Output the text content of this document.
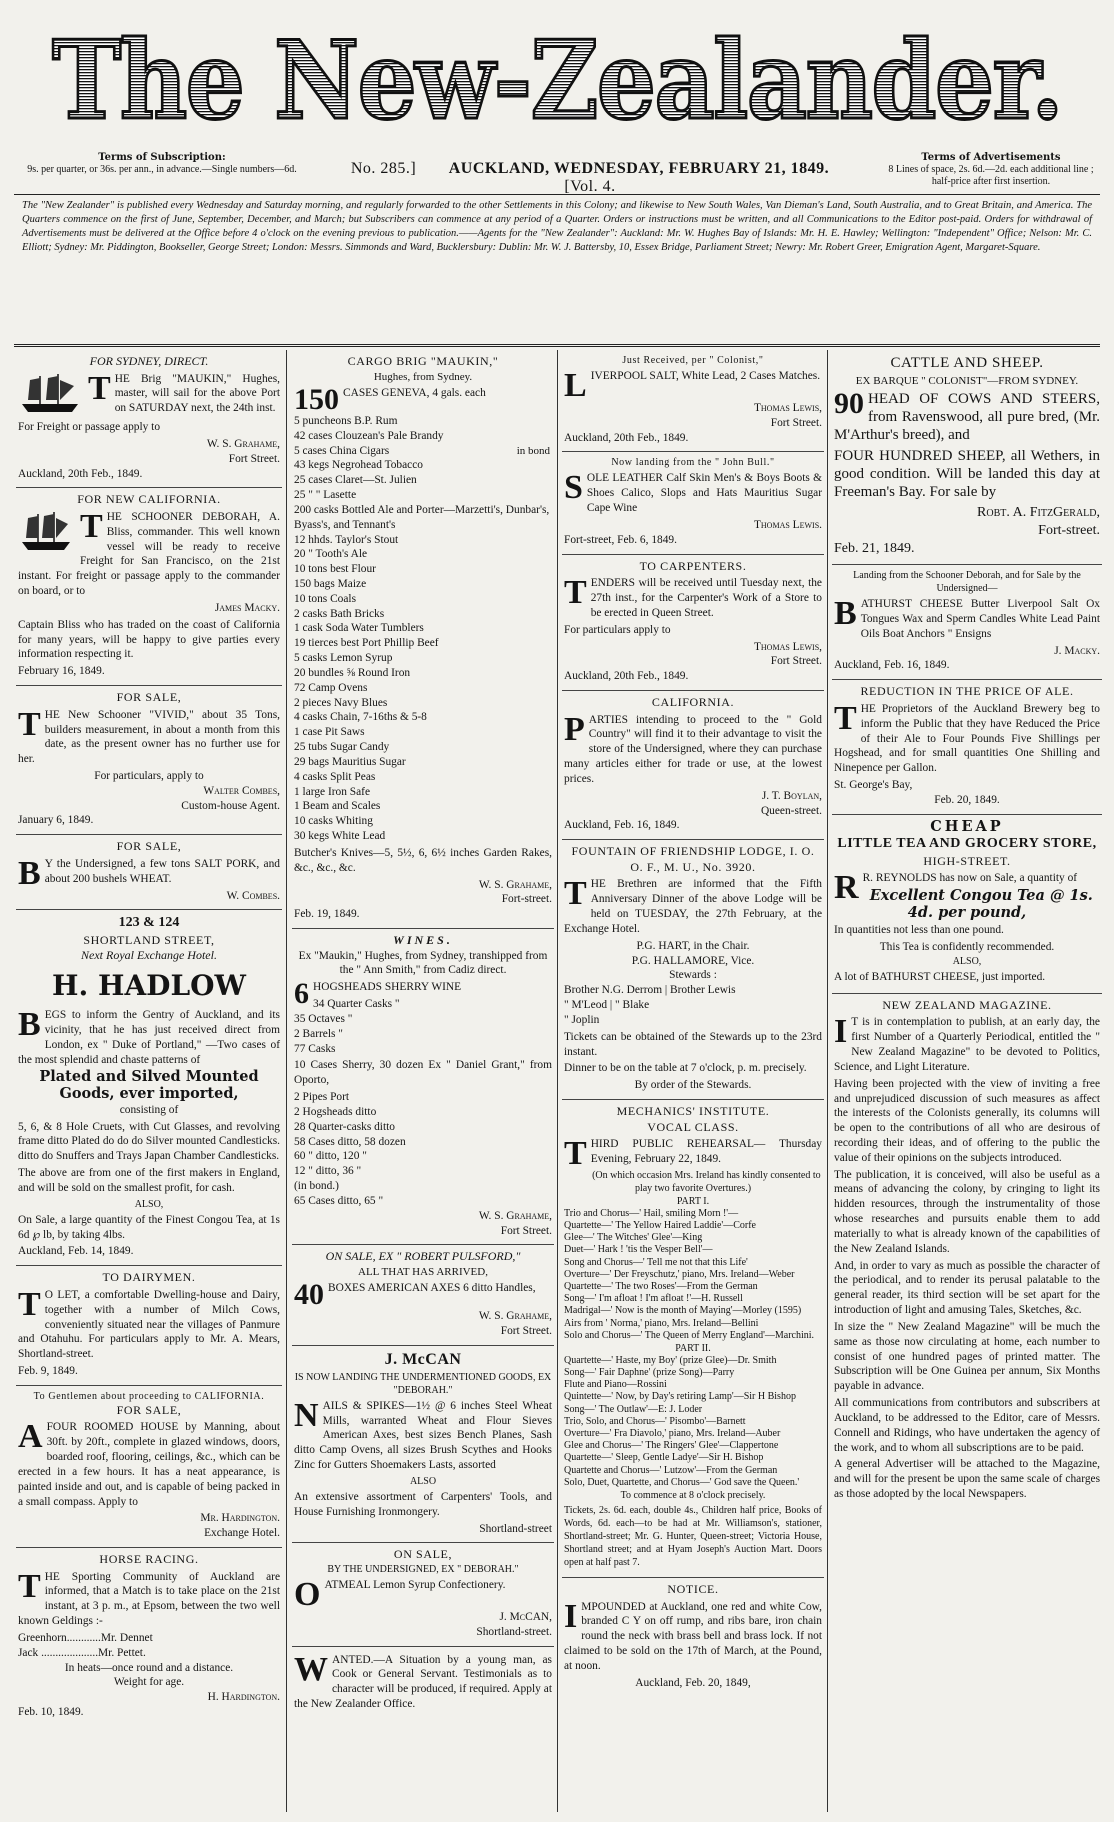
The New-Zealander.
Terms of Subscription:
9s. per quarter, or 36s. per ann., in advance.—Single numbers—6d.	No. 285.] AUCKLAND, WEDNESDAY, FEBRUARY 21, 1849. [Vol. 4.
Terms of Advertisements
8 Lines of space, 2s. 6d.—2d. each additional line ; half-price after first insertion.
The "New Zealander" is published every Wednesday and Saturday morning, and regularly forwarded to the other Settlements in this Colony; and likewise to New South Wales, Van Dieman's Land, South Australia, and to Great Britain, and America. The Quarters commence on the first of June, September, December, and March; but Subscribers can commence at any period of a Quarter. Orders or instructions must be written, and all Communications to the Editor post-paid. Orders for withdrawal of Advertisements must be delivered at the Office before 4 o'clock on the evening previous to publication.——Agents for the "New Zealander": Auckland: Mr. W. Hughes Bay of Islands: Mr. H. E. Hawley; Wellington: "Independent" Office; Nelson: Mr. C. Elliott; Sydney: Mr. Piddington, Bookseller, George Street; London: Messrs. Simmonds and Ward, Bucklersbury: Dublin: Mr. W. J. Battersby, 10, Essex Bridge, Parliament Street; Newry: Mr. Robert Greer, Emigration Agent, Margaret-Square.
FOR SYDNEY, DIRECT.
THE Brig "MAUKIN," Hughes, master, will sail for the above Port on SATURDAY next, the 24th inst.
For Freight or passage apply to
W. S. Grahame,
Fort Street.
Auckland, 20th Feb., 1849.
FOR NEW CALIFORNIA.
THE SCHOONER DEBORAH, A. Bliss, commander. This well known vessel will be ready to receive Freight for San Francisco, on the 21st instant. For freight or passage apply to the commander on board, or to
James Macky.
Captain Bliss who has traded on the coast of California for many years, will be happy to give parties every information respecting it.
February 16, 1849.
FOR SALE,
THE New Schooner "VIVID," about 35 Tons, builders measurement, in about a month from this date, as the present owner has no further use for her.
For particulars, apply to
Walter Combes,
Custom-house Agent.
January 6, 1849.
FOR SALE,
B Y the Undersigned, a few tons SALT PORK, and about 200 bushels WHEAT.
W. Combes.
123 & 124
SHORTLAND STREET,
Next Royal Exchange Hotel.
H. HADLOW
BEGS to inform the Gentry of Auckland, and its vicinity, that he has just received direct from London, ex " Duke of Portland," —Two cases of the most splendid and chaste patterns of
Plated and Silved Mounted Goods, ever imported,
consisting of
5, 6, & 8 Hole Cruets, with Cut Glasses, and revolving frame ditto Plated do do do Silver mounted Candlesticks. ditto do Snuffers and Trays Japan Chamber Candlesticks.
The above are from one of the first makers in England, and will be sold on the smallest profit, for cash.
ALSO,
On Sale, a large quantity of the Finest Congou Tea, at 1s 6d ℘ lb, by taking 4lbs.
Auckland, Feb. 14, 1849.
TO DAIRYMEN.
T O LET, a comfortable Dwelling-house and Dairy, together with a number of Milch Cows, conveniently situated near the villages of Panmure and Otahuhu. For particulars apply to Mr. A. Mears, Shortland-street.
Feb. 9, 1849.
To Gentlemen about proceeding to CALIFORNIA.
FOR SALE,
AFOUR ROOMED HOUSE by Manning, about 30ft. by 20ft., complete in glazed windows, doors, boarded roof, flooring, ceilings, &c., which can be erected in a few hours. It has a neat appearance, is painted inside and out, and is capable of being packed in a small compass. Apply to
Mr. Hardington.
Exchange Hotel.
HORSE RACING.
THE Sporting Community of Auckland are informed, that a Match is to take place on the 21st instant, at 3 p. m., at Epsom, between the two well known Geldings :-
Greenhorn............Mr. Dennet
Jack ....................Mr. Pettet.
In heats—once round and a distance.
Weight for age.
H. Hardington.
Feb. 10, 1849.
CARGO BRIG "MAUKIN,"
Hughes, from Sydney.
150 CASES GENEVA, 4 gals. each
5 puncheons B.P. Rum
42 cases Clouzean's Pale Brandy
5 cases China Cigars
43 kegs Negrohead Tobacco
25 cases Claret—St. Julien
25 " " Lasette
200 casks Bottled Ale and Porter—Marzetti's, Dunbar's, Byass's, and Tennant's
12 hhds. Taylor's Stout
20 " Tooth's Ale
10 tons best Flour
150 bags Maize
10 tons Coals
2 casks Bath Bricks
1 cask Soda Water Tumblers
19 tierces best Port Phillip Beef
5 casks Lemon Syrup
20 bundles ⅝ Round Iron
72 Camp Ovens
2 pieces Navy Blues
4 casks Chain, 7-16ths & 5-8
1 case Pit Saws
25 tubs Sugar Candy
29 bags Mauritius Sugar
4 casks Split Peas
1 large Iron Safe
1 Beam and Scales
10 casks Whiting
30 kegs White Lead
in bond
Butcher's Knives—5, 5½, 6, 6½ inches Garden Rakes, &c., &c., &c.
W. S. Grahame,
Fort-street.
Feb. 19, 1849.
WINES.
Ex "Maukin," Hughes, from Sydney, transhipped from the " Ann Smith," from Cadiz direct.
6 HOGSHEADS SHERRY WINE
34 Quarter Casks "
35 Octaves "
2 Barrels "
77 Casks
10 Cases Sherry, 30 dozen Ex " Daniel Grant," from Oporto,
2 Pipes Port
2 Hogsheads ditto
28 Quarter-casks ditto
58 Cases ditto, 58 dozen
60 " ditto, 120 "
12 " ditto, 36 "
(in bond.)
65 Cases ditto, 65 "
W. S. Grahame,
Fort Street.
ON SALE, EX " ROBERT PULSFORD,"
ALL THAT HAS ARRIVED,
40 BOXES AMERICAN AXES 6 ditto Handles,
W. S. Grahame,
Fort Street.
J. McCAN
IS NOW LANDING THE UNDERMENTIONED GOODS, EX "DEBORAH."
NAILS & SPIKES—1½ @ 6 inches Steel Wheat Mills, warranted Wheat and Flour Sieves American Axes, best sizes Bench Planes, Sash ditto Camp Ovens, all sizes Brush Scythes and Hooks Zinc for Gutters Shoemakers Lasts, assorted
ALSO
An extensive assortment of Carpenters' Tools, and House Furnishing Ironmongery.
Shortland-street
ON SALE,
BY THE UNDERSIGNED, EX " DEBORAH."
OATMEAL Lemon Syrup Confectionery.
J. McCAN,
Shortland-street.
WANTED.—A Situation by a young man, as Cook or General Servant. Testimonials as to character will be produced, if required. Apply at the New Zealander Office.
Just Received, per " Colonist,"
LIVERPOOL SALT, White Lead, 2 Cases Matches.
Thomas Lewis,
Fort Street.
Auckland, 20th Feb., 1849.
Now landing from the " John Bull."
SOLE LEATHER Calf Skin Men's & Boys Boots & Shoes Calico, Slops and Hats Mauritius Sugar Cape Wine
Thomas Lewis.
Fort-street, Feb. 6, 1849.
TO CARPENTERS.
TENDERS will be received until Tuesday next, the 27th inst., for the Carpenter's Work of a Store to be erected in Queen Street.
For particulars apply to
Thomas Lewis,
Fort Street.
Auckland, 20th Feb., 1849.
CALIFORNIA.
PARTIES intending to proceed to the " Gold Country" will find it to their advantage to visit the store of the Undersigned, where they can purchase many articles either for trade or use, at the lowest prices.
J. T. Boylan,
Queen-street.
Auckland, Feb. 16, 1849.
FOUNTAIN OF FRIENDSHIP LODGE, I. O. O. F., M. U., No. 3920.
THE Brethren are informed that the Fifth Anniversary Dinner of the above Lodge will be held on TUESDAY, the 27th February, at the Exchange Hotel.
P.G. HART, in the Chair.
P.G. HALLAMORE, Vice.
Stewards :
Brother N.G. Derrom | Brother Lewis
" M'Leod | " Blake
" Joplin
Tickets can be obtained of the Stewards up to the 23rd instant.
Dinner to be on the table at 7 o'clock, p. m. precisely.
By order of the Stewards.
MECHANICS' INSTITUTE.
VOCAL CLASS.
THIRD PUBLIC REHEARSAL— Thursday Evening, February 22, 1849.
(On which occasion Mrs. Ireland has kindly consented to play two favorite Overtures.)
PART I.
Trio and Chorus—' Hail, smiling Morn !'—
Quartette—' The Yellow Haired Laddie'—Corfe
Glee—' The Witches' Glee'—King
Duet—' Hark ! 'tis the Vesper Bell'—
Song and Chorus—' Tell me not that this Life'
Overture—' Der Freyschutz,' piano, Mrs. Ireland—Weber
Quartette—' The two Roses'—From the German
Song—' I'm afloat ! I'm afloat !'—H. Russell
Madrigal—' Now is the month of Maying'—Morley (1595)
Airs from ' Norma,' piano, Mrs. Ireland—Bellini
Solo and Chorus—' The Queen of Merry England'—Marchini.
PART II.
Quartette—' Haste, my Boy' (prize Glee)—Dr. Smith
Song—' Fair Daphne' (prize Song)—Parry
Flute and Piano—Rossini
Quintette—' Now, by Day's retiring Lamp'—Sir H Bishop
Song—' The Outlaw'—E: J. Loder
Trio, Solo, and Chorus—' Pisombo'—Barnett
Overture—' Fra Diavolo,' piano, Mrs. Ireland—Auber
Glee and Chorus—' The Ringers' Glee'—Clappertone
Quartette—' Sleep, Gentle Ladye'—Sir H. Bishop
Quartette and Chorus—' Lutzow'—From the German
Solo, Duet, Quartette, and Chorus—' God save the Queen.'
To commence at 8 o'clock precisely.
Tickets, 2s. 6d. each, double 4s., Children half price, Books of Words, 6d. each—to be had at Mr. Williamson's, stationer, Shortland-street; Mr. G. Hunter, Queen-street; Victoria House, Shortland street; and at Hyam Joseph's Auction Mart. Doors open at half past 7.
NOTICE.
IMPOUNDED at Auckland, one red and white Cow, branded C Y on off rump, and ribs bare, iron chain round the neck with brass bell and brass lock. If not claimed to be sold on the 17th of March, at the Pound, at noon.
Auckland, Feb. 20, 1849,
CATTLE AND SHEEP.
EX BARQUE " COLONIST"—FROM SYDNEY.
90 HEAD OF COWS AND STEERS, from Ravenswood, all pure bred, (Mr. M'Arthur's breed), and
FOUR HUNDRED SHEEP, all Wethers, in good condition. Will be landed this day at Freeman's Bay. For sale by
Robt. A. FitzGerald,
Fort-street.
Feb. 21, 1849.
Landing from the Schooner Deborah, and for Sale by the Undersigned—
BATHURST CHEESE Butter Liverpool Salt Ox Tongues Wax and Sperm Candles White Lead Paint Oils Boat Anchors " Ensigns
J. Macky.
Auckland, Feb. 16, 1849.
REDUCTION IN THE PRICE OF ALE.
THE Proprietors of the Auckland Brewery beg to inform the Public that they have Reduced the Price of their Ale to Four Pounds Five Shillings per Hogshead, and for small quantities One Shilling and Ninepence per Gallon.
St. George's Bay,
Feb. 20, 1849.
CHEAP
LITTLE TEA AND GROCERY STORE,
HIGH-STREET.
R R. REYNOLDS has now on Sale, a quantity of
Excellent Congou Tea @ 1s. 4d. per pound,
In quantities not less than one pound.
This Tea is confidently recommended.
ALSO,
A lot of BATHURST CHEESE, just imported.
NEW ZEALAND MAGAZINE.
I T is in contemplation to publish, at an early day, the first Number of a Quarterly Periodical, entitled the " New Zealand Magazine" to be devoted to Politics, Science, and Light Literature.
Having been projected with the view of inviting a free and unprejudiced discussion of such measures as affect the interests of the Colonists generally, its columns will be open to the contributions of all who are desirous of recording their ideas, and of offering to the public the value of their opinions on the subjects introduced.
The publication, it is conceived, will also be useful as a means of advancing the colony, by cringing to light its hidden resources, through the instrumentality of those whose researches and pursuits enable them to add materially to what is already known of the capabilities of the New Zealand Islands.
And, in order to vary as much as possible the character of the periodical, and to render its perusal palatable to the general reader, its third section will be set apart for the introduction of light and amusing Tales, Sketches, &c.
In size the " New Zealand Magazine" will be much the same as those now circulating at home, each number to consist of one hundred pages of printed matter. The Subscription will be One Guinea per annum, Six Months payable in advance.
All communications from contributors and subscribers at Auckland, to be addressed to the Editor, care of Messrs. Connell and Ridings, who have undertaken the agency of the work, and to whom all subscriptions are to be paid.
A general Advertiser will be attached to the Magazine, and will for the present be upon the same scale of charges as those adopted by the local Newspapers.
